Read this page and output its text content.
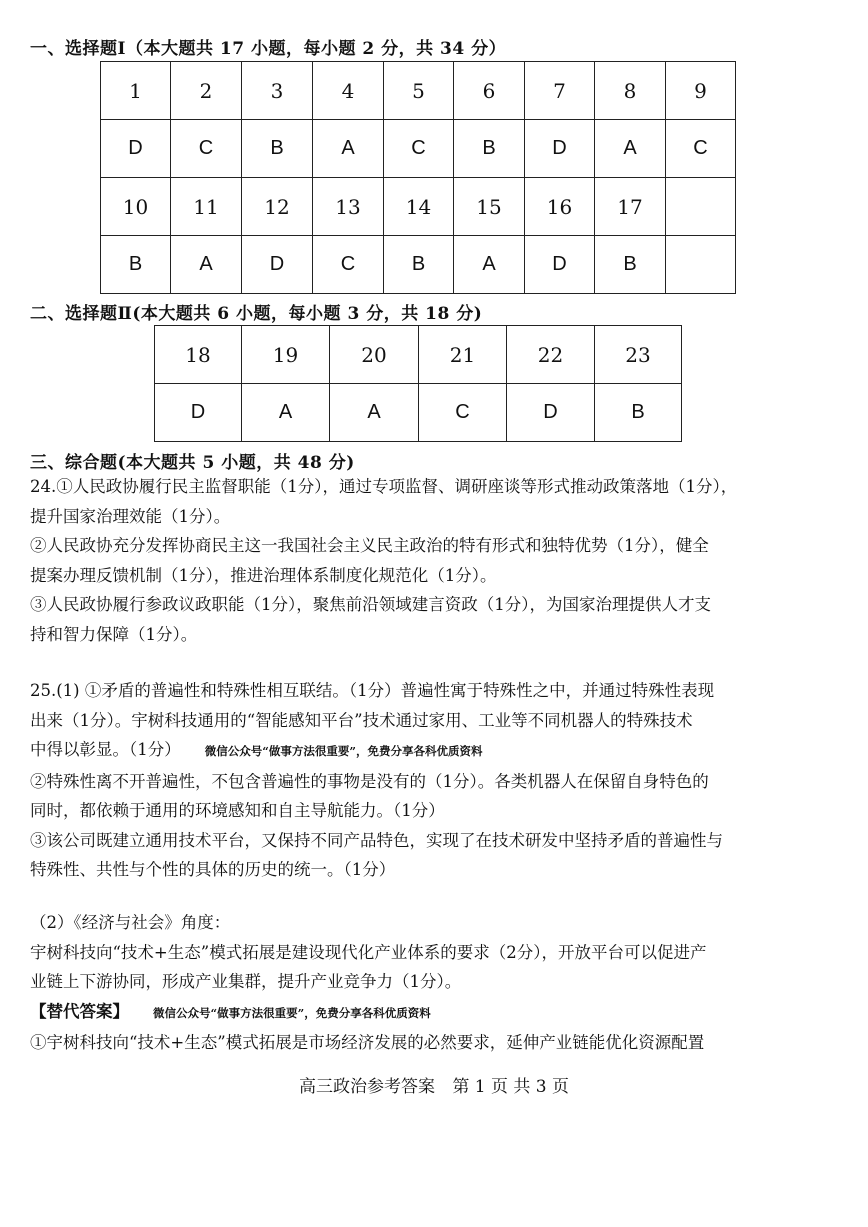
一、选择题Ⅰ（本大题共 17 小题，每小题 2 分，共 34 分）
1	2	3	4	5	6	7	8	9
D	C	B	A	C	B	D	A	C
10	11	12	13	14	15	16	17	
B	A	D	C	B	A	D	B	
二、选择题Ⅱ(本大题共 6 小题，每小题 3 分，共 18 分)
18	19	20	21	22	23
D	A	A	C	D	B
三、综合题(本大题共 5 小题，共 48 分)
24.①人民政协履行民主监督职能（1分），通过专项监督、调研座谈等形式推动政策落地（1分），
提升国家治理效能（1分）。
②人民政协充分发挥协商民主这一我国社会主义民主政治的特有形式和独特优势（1分），健全
提案办理反馈机制（1分），推进治理体系制度化规范化（1分）。
③人民政协履行参政议政职能（1分），聚焦前沿领域建言资政（1分），为国家治理提供人才支
持和智力保障（1分）。
25.(1) ①矛盾的普遍性和特殊性相互联结。（1分）普遍性寓于特殊性之中，并通过特殊性表现
出来（1分）。宇树科技通用的“智能感知平台”技术通过家用、工业等不同机器人的特殊技术
中得以彰显。（1分） 微信公众号“做事方法很重要”，免费分享各科优质资料
②特殊性离不开普遍性，不包含普遍性的事物是没有的（1分）。各类机器人在保留自身特色的
同时，都依赖于通用的环境感知和自主导航能力。（1分）
③该公司既建立通用技术平台，又保持不同产品特色，实现了在技术研发中坚持矛盾的普遍性与
特殊性、共性与个性的具体的历史的统一。（1分）
（2）《经济与社会》角度：
宇树科技向“技术+生态”模式拓展是建设现代化产业体系的要求（2分），开放平台可以促进产
业链上下游协同，形成产业集群，提升产业竞争力（1分）。
【替代答案】 微信公众号“做事方法很重要”，免费分享各科优质资料
①宇树科技向“技术+生态”模式拓展是市场经济发展的必然要求，延伸产业链能优化资源配置
高三政治参考答案 第 1 页 共 3 页
